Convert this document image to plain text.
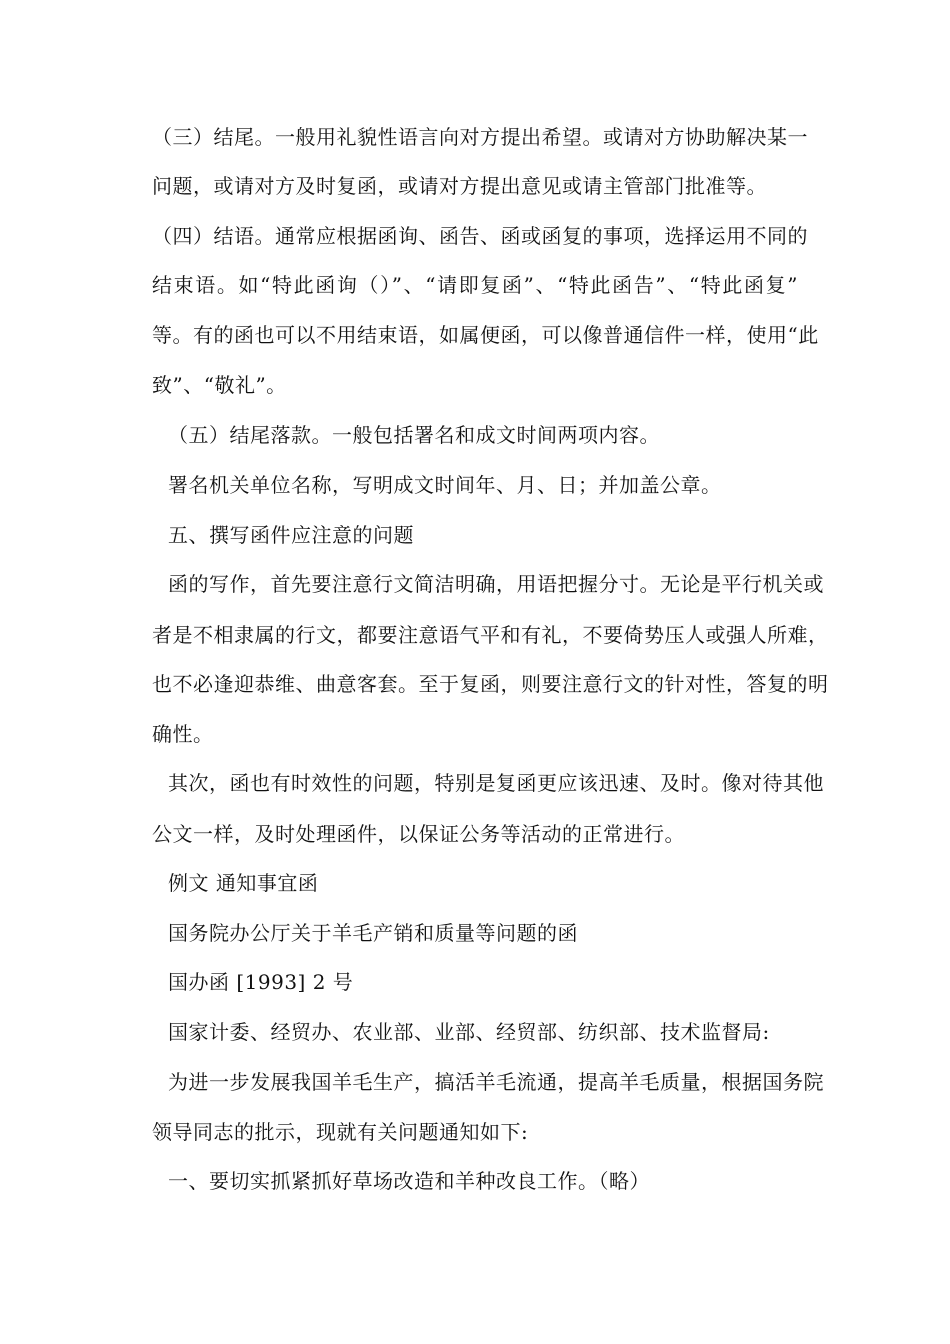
（三）结尾。一般用礼貌性语言向对方提出希望。或请对方协助解决某一
问题，或请对方及时复函，或请对方提出意见或请主管部门批准等。
（四）结语。通常应根据函询、函告、函或函复的事项，选择运用不同的
结束语。如“特此函询（）”、“请即复函”、“特此函告”、“特此函复”
等。有的函也可以不用结束语，如属便函，可以像普通信件一样，使用“此
致”、“敬礼”。
（五）结尾落款。一般包括署名和成文时间两项内容。
署名机关单位名称，写明成文时间年、月、日；并加盖公章。
五、撰写函件应注意的问题
函的写作，首先要注意行文简洁明确，用语把握分寸。无论是平行机关或
者是不相隶属的行文，都要注意语气平和有礼，不要倚势压人或强人所难，
也不必逢迎恭维、曲意客套。至于复函，则要注意行文的针对性，答复的明
确性。
其次，函也有时效性的问题，特别是复函更应该迅速、及时。像对待其他
公文一样，及时处理函件，以保证公务等活动的正常进行。
例文 通知事宜函
国务院办公厅关于羊毛产销和质量等问题的函
国办函 [1993] 2 号
国家计委、经贸办、农业部、业部、经贸部、纺织部、技术监督局:
为进一步发展我国羊毛生产，搞活羊毛流通，提高羊毛质量，根据国务院
领导同志的批示，现就有关问题通知如下:
一、要切实抓紧抓好草场改造和羊种改良工作。（略）
